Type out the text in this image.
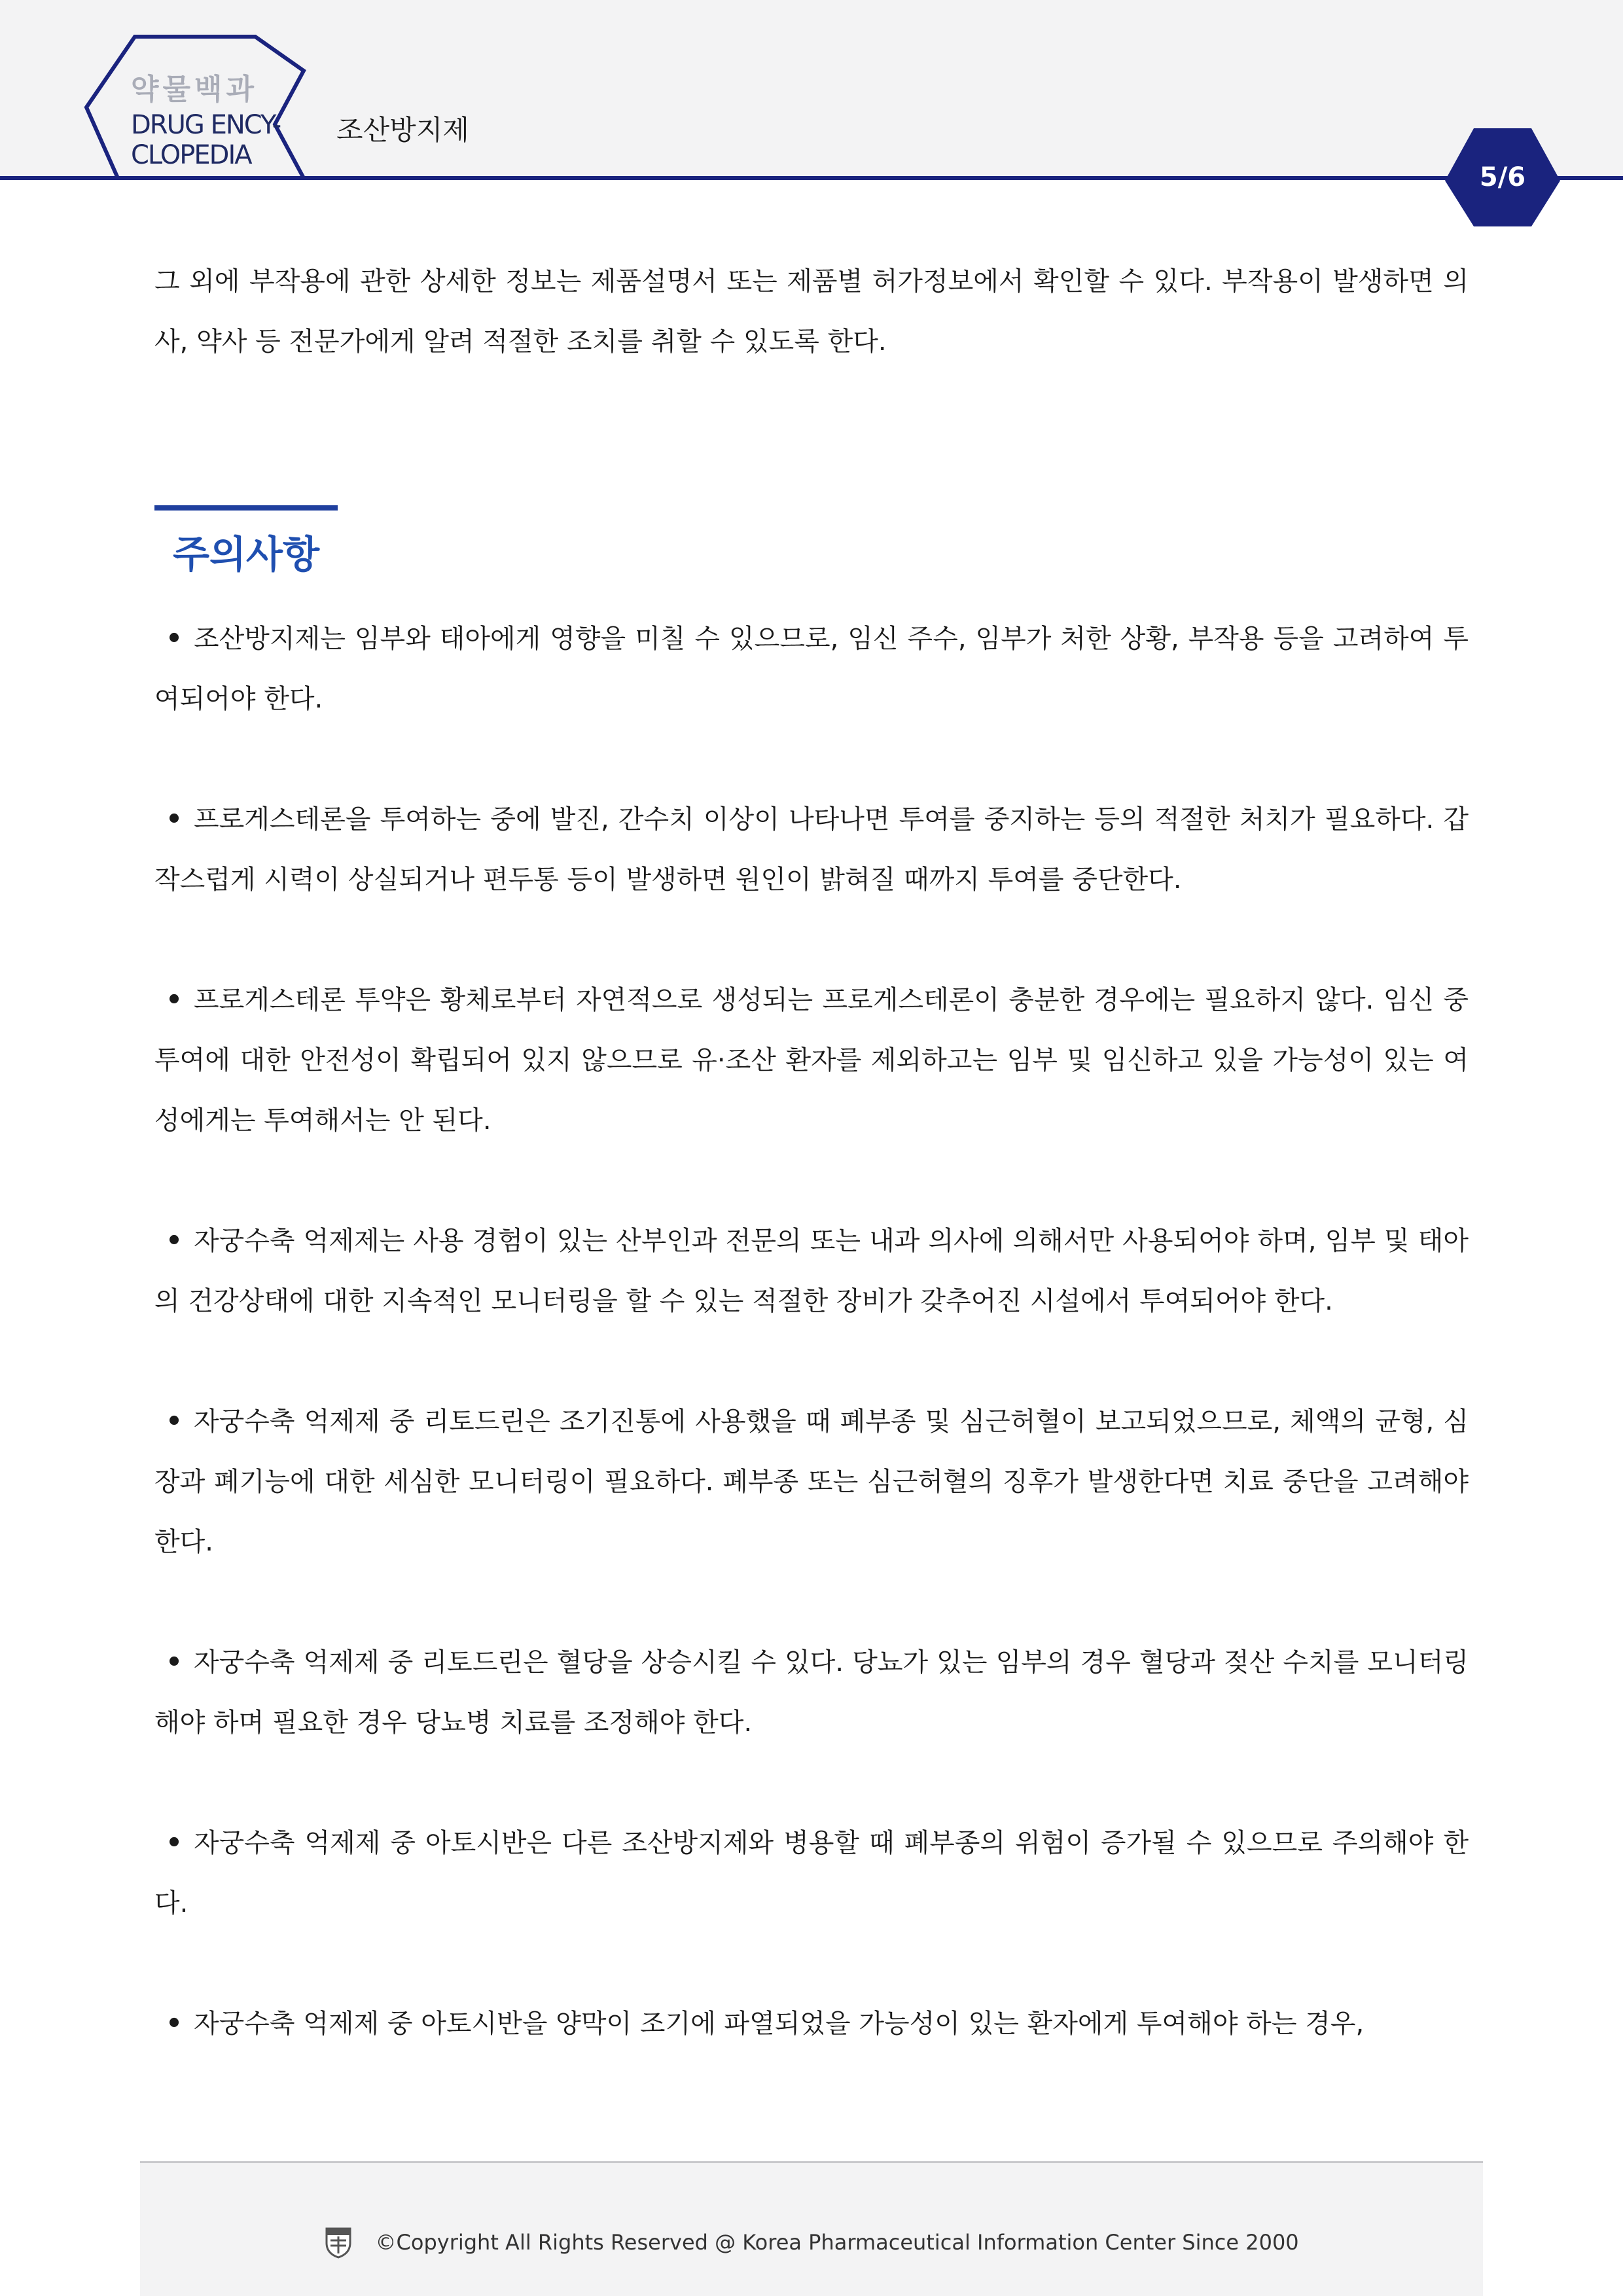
약물백과
DRUG ENCY-
CLOPEDIA
조산방지제
5/6

그 외에 부작용에 관한 상세한 정보는 제품설명서 또는 제품별 허가정보에서 확인할 수 있다. 부작용이 발생하면 의사, 약사 등 전문가에게 알려 적절한 조치를 취할 수 있도록 한다.

주의사항
• 조산방지제는 임부와 태아에게 영향을 미칠 수 있으므로, 임신 주수, 임부가 처한 상황, 부작용 등을 고려하여 투여되어야 한다.
• 프로게스테론을 투여하는 중에 발진, 간수치 이상이 나타나면 투여를 중지하는 등의 적절한 처치가 필요하다. 갑작스럽게 시력이 상실되거나 편두통 등이 발생하면 원인이 밝혀질 때까지 투여를 중단한다.
• 프로게스테론 투약은 황체로부터 자연적으로 생성되는 프로게스테론이 충분한 경우에는 필요하지 않다. 임신 중 투여에 대한 안전성이 확립되어 있지 않으므로 유·조산 환자를 제외하고는 임부 및 임신하고 있을 가능성이 있는 여성에게는 투여해서는 안 된다.
• 자궁수축 억제제는 사용 경험이 있는 산부인과 전문의 또는 내과 의사에 의해서만 사용되어야 하며, 임부 및 태아의 건강상태에 대한 지속적인 모니터링을 할 수 있는 적절한 장비가 갖추어진 시설에서 투여되어야 한다.
• 자궁수축 억제제 중 리토드린은 조기진통에 사용했을 때 폐부종 및 심근허혈이 보고되었으므로, 체액의 균형, 심장과 폐기능에 대한 세심한 모니터링이 필요하다. 폐부종 또는 심근허혈의 징후가 발생한다면 치료 중단을 고려해야 한다.
• 자궁수축 억제제 중 리토드린은 혈당을 상승시킬 수 있다. 당뇨가 있는 임부의 경우 혈당과 젖산 수치를 모니터링해야 하며 필요한 경우 당뇨병 치료를 조정해야 한다.
• 자궁수축 억제제 중 아토시반은 다른 조산방지제와 병용할 때 폐부종의 위험이 증가될 수 있으므로 주의해야 한다.
• 자궁수축 억제제 중 아토시반을 양막이 조기에 파열되었을 가능성이 있는 환자에게 투여해야 하는 경우,
©Copyright All Rights Reserved @ Korea Pharmaceutical Information Center Since 2000
